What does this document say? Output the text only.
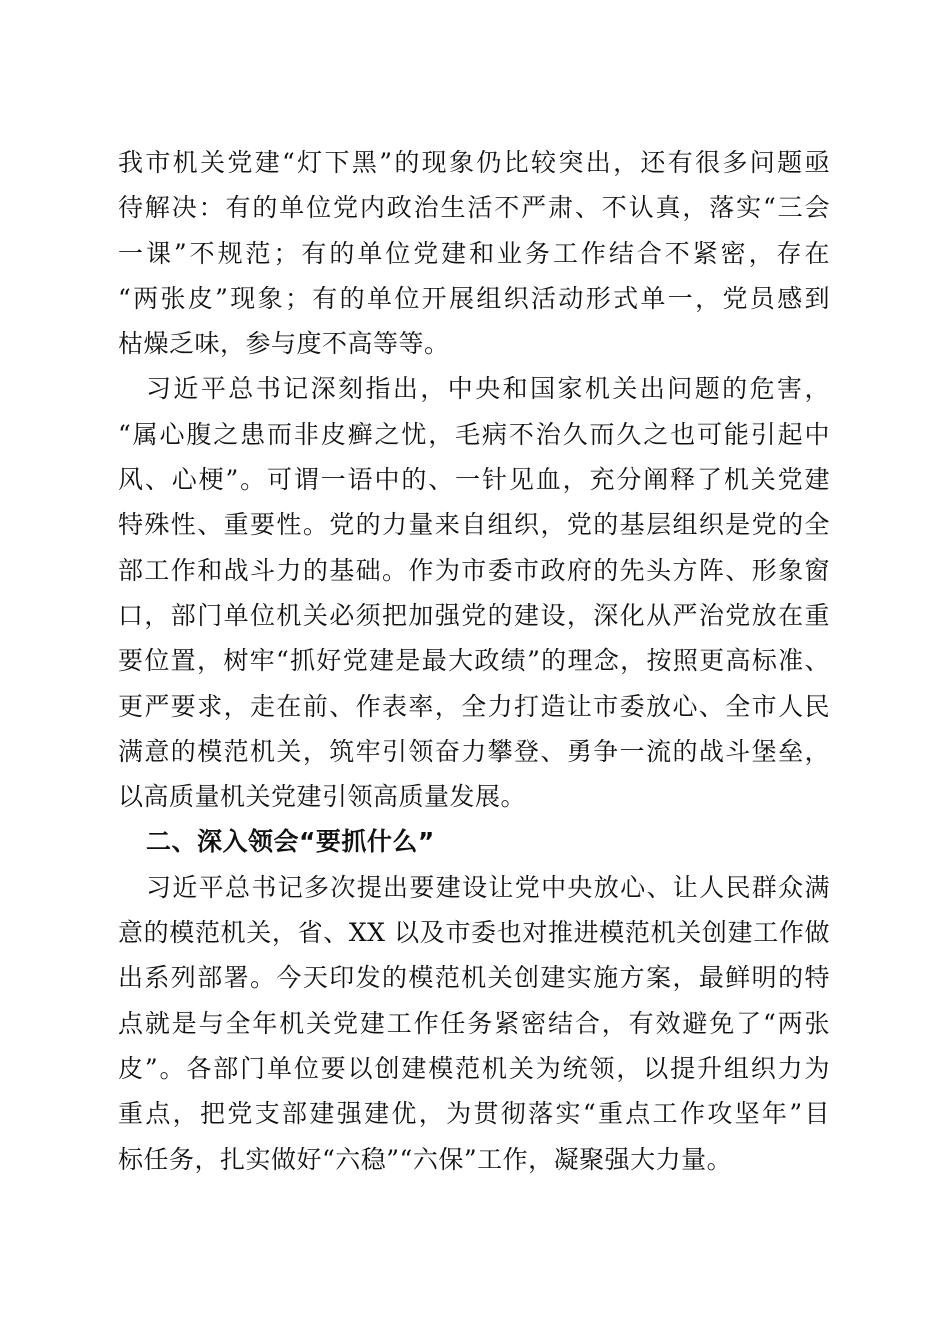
我市机关党建“灯下黑”的现象仍比较突出，还有很多问题亟
待解决：有的单位党内政治生活不严肃、不认真，落实“三会
一课”不规范；有的单位党建和业务工作结合不紧密，存在
“两张皮”现象；有的单位开展组织活动形式单一，党员感到
枯燥乏味，参与度不高等等。
习近平总书记深刻指出，中央和国家机关出问题的危害，
“属心腹之患而非皮癣之忧，毛病不治久而久之也可能引起中
风、心梗”。可谓一语中的、一针见血，充分阐释了机关党建
特殊性、重要性。党的力量来自组织，党的基层组织是党的全
部工作和战斗力的基础。作为市委市政府的先头方阵、形象窗
口，部门单位机关必须把加强党的建设，深化从严治党放在重
要位置，树牢“抓好党建是最大政绩”的理念，按照更高标准、
更严要求，走在前、作表率，全力打造让市委放心、全市人民
满意的模范机关，筑牢引领奋力攀登、勇争一流的战斗堡垒，
以高质量机关党建引领高质量发展。
二、深入领会“要抓什么”
习近平总书记多次提出要建设让党中央放心、让人民群众满
意的模范机关，省、XX 以及市委也对推进模范机关创建工作做
出系列部署。今天印发的模范机关创建实施方案，最鲜明的特
点就是与全年机关党建工作任务紧密结合，有效避免了“两张
皮”。各部门单位要以创建模范机关为统领，以提升组织力为
重点，把党支部建强建优，为贯彻落实“重点工作攻坚年”目
标任务，扎实做好“六稳”“六保”工作，凝聚强大力量。
